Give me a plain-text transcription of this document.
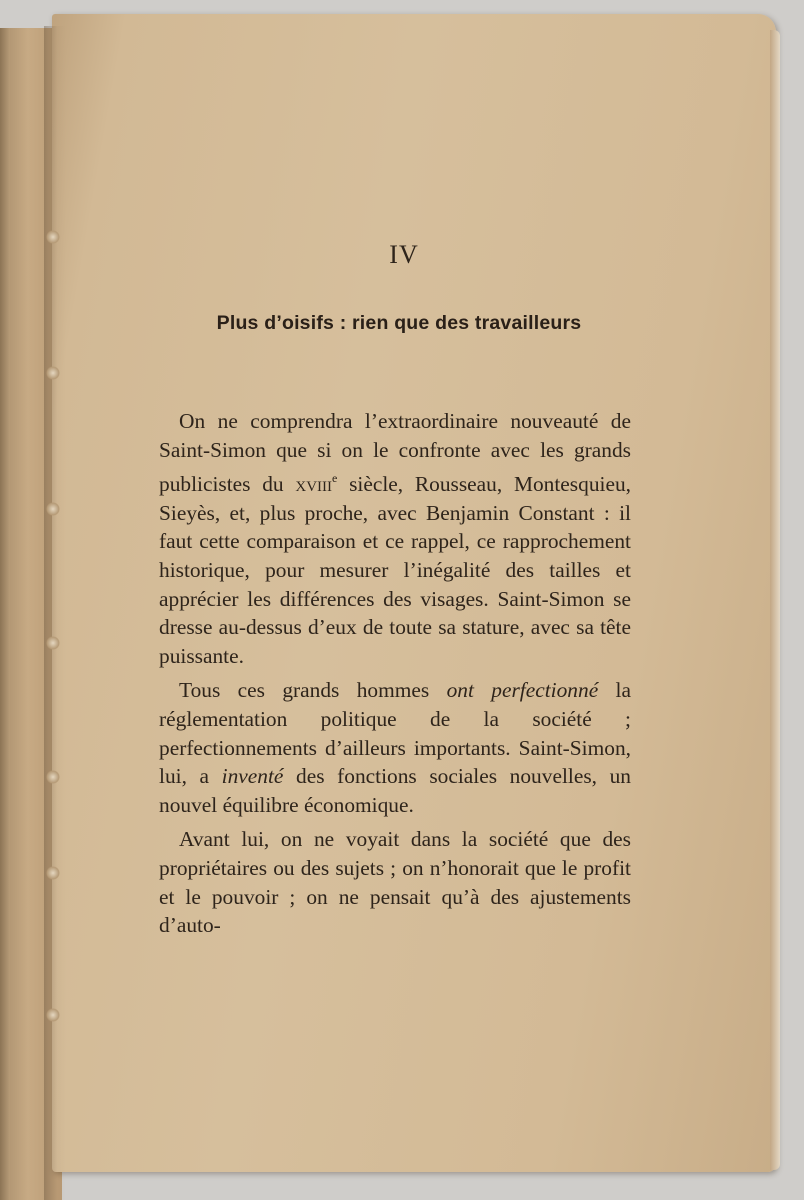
IV
Plus d’oisifs : rien que des travailleurs

On ne comprendra l’extraordinaire nouveauté de Saint-Simon que si on le confronte avec les grands publicistes du xviii$^e$ siècle, Rousseau, Montesquieu, Sieyès, et, plus proche, avec Benjamin Constant : il faut cette comparaison et ce rappel, ce rapprochement historique, pour mesurer l’inégalité des tailles et apprécier les différences des visages. Saint-Simon se dresse au-dessus d’eux de toute sa stature, avec sa tête puissante.

Tous ces grands hommes ont perfectionné la réglementation politique de la société ; perfectionnements d’ailleurs importants. Saint-Simon, lui, a inventé des fonctions sociales nouvelles, un nouvel équilibre économique.

Avant lui, on ne voyait dans la société que des propriétaires ou des sujets ; on n’honorait que le profit et le pouvoir ; on ne pensait qu’à des ajustements d’auto-
